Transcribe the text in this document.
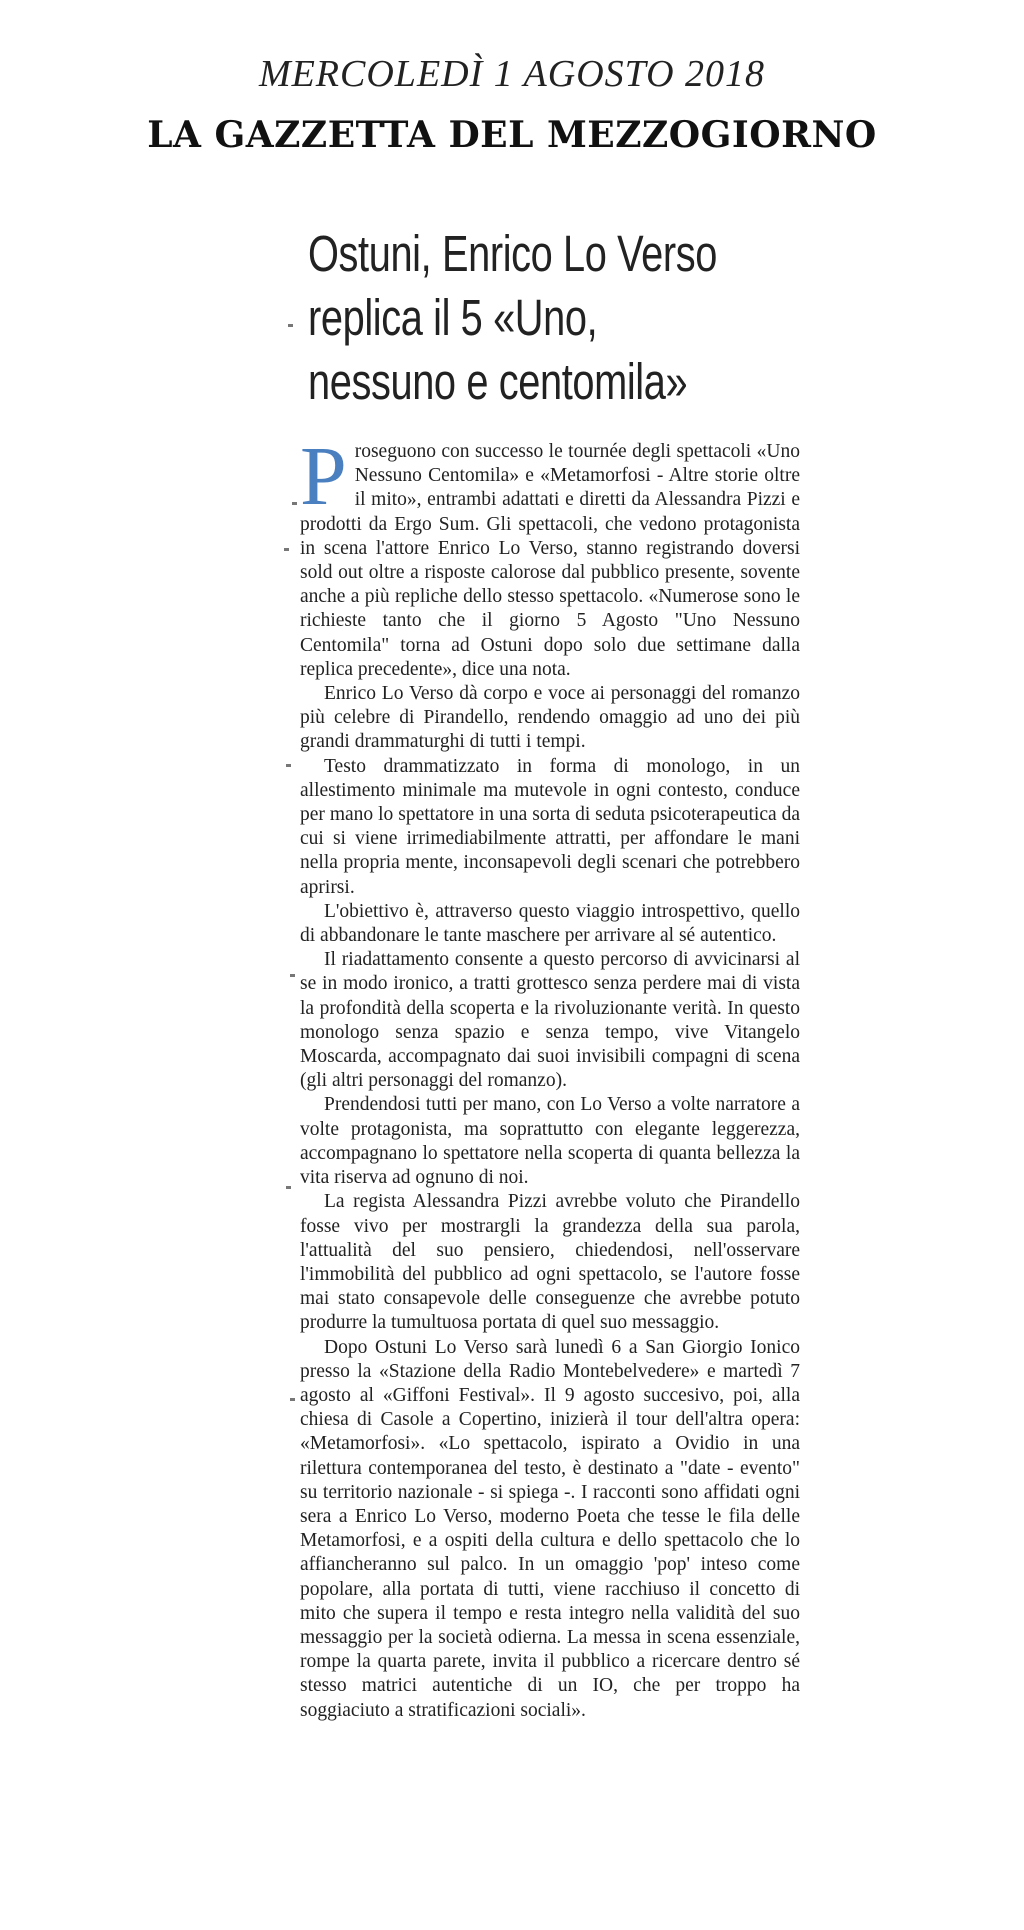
MERCOLEDÌ 1 AGOSTO 2018
LA GAZZETTA DEL MEZZOGIORNO
Ostuni, Enrico Lo Verso
replica il 5 «Uno,
nessuno e centomila»

Proseguono con successo le tournée degli spettacoli «Uno Nessuno Centomila» e «Metamorfosi - Altre storie oltre il mito», entrambi adattati e diretti da Alessandra Pizzi e prodotti da Ergo Sum. Gli spettacoli, che vedono protagonista in scena l'attore Enrico Lo Verso, stanno registrando doversi sold out oltre a risposte calorose dal pubblico presente, sovente anche a più repliche dello stesso spettacolo. «Numerose sono le richieste tanto che il giorno 5 Agosto "Uno Nessuno Centomila" torna ad Ostuni dopo solo due settimane dalla replica precedente», dice una nota.

Enrico Lo Verso dà corpo e voce ai personaggi del romanzo più celebre di Pirandello, rendendo omaggio ad uno dei più grandi drammaturghi di tutti i tempi.

Testo drammatizzato in forma di monologo, in un allestimento minimale ma mutevole in ogni contesto, conduce per mano lo spettatore in una sorta di seduta psicoterapeutica da cui si viene irrimediabilmente attratti, per affondare le mani nella propria mente, inconsapevoli degli scenari che potrebbero aprirsi.

L'obiettivo è, attraverso questo viaggio introspettivo, quello di abbandonare le tante maschere per arrivare al sé autentico.

Il riadattamento consente a questo percorso di avvicinarsi al se in modo ironico, a tratti grottesco senza perdere mai di vista la profondità della scoperta e la rivoluzionante verità. In questo monologo senza spazio e senza tempo, vive Vitangelo Moscarda, accompagnato dai suoi invisibili compagni di scena (gli altri personaggi del romanzo).

Prendendosi tutti per mano, con Lo Verso a volte narratore a volte protagonista, ma soprattutto con elegante leggerezza, accompagnano lo spettatore nella scoperta di quanta bellezza la vita riserva ad ognuno di noi.

La regista Alessandra Pizzi avrebbe voluto che Pirandello fosse vivo per mostrargli la grandezza della sua parola, l'attualità del suo pensiero, chiedendosi, nell'osservare l'immobilità del pubblico ad ogni spettacolo, se l'autore fosse mai stato consapevole delle conseguenze che avrebbe potuto produrre la tumultuosa portata di quel suo messaggio.

Dopo Ostuni Lo Verso sarà lunedì 6 a San Giorgio Ionico presso la «Stazione della Radio Montebelvedere» e martedì 7 agosto al «Giffoni Festival». Il 9 agosto succesivo, poi, alla chiesa di Casole a Copertino, inizierà il tour dell'altra opera: «Metamorfosi». «Lo spettacolo, ispirato a Ovidio in una rilettura contemporanea del testo, è destinato a "date - evento" su territorio nazionale - si spiega -. I racconti sono affidati ogni sera a Enrico Lo Verso, moderno Poeta che tesse le fila delle Metamorfosi, e a ospiti della cultura e dello spettacolo che lo affiancheranno sul palco. In un omaggio 'pop' inteso come popolare, alla portata di tutti, viene racchiuso il concetto di mito che supera il tempo e resta integro nella validità del suo messaggio per la società odierna. La messa in scena essenziale, rompe la quarta parete, invita il pubblico a ricercare dentro sé stesso matrici autentiche di un IO, che per troppo ha soggiaciuto a stratificazioni sociali».
